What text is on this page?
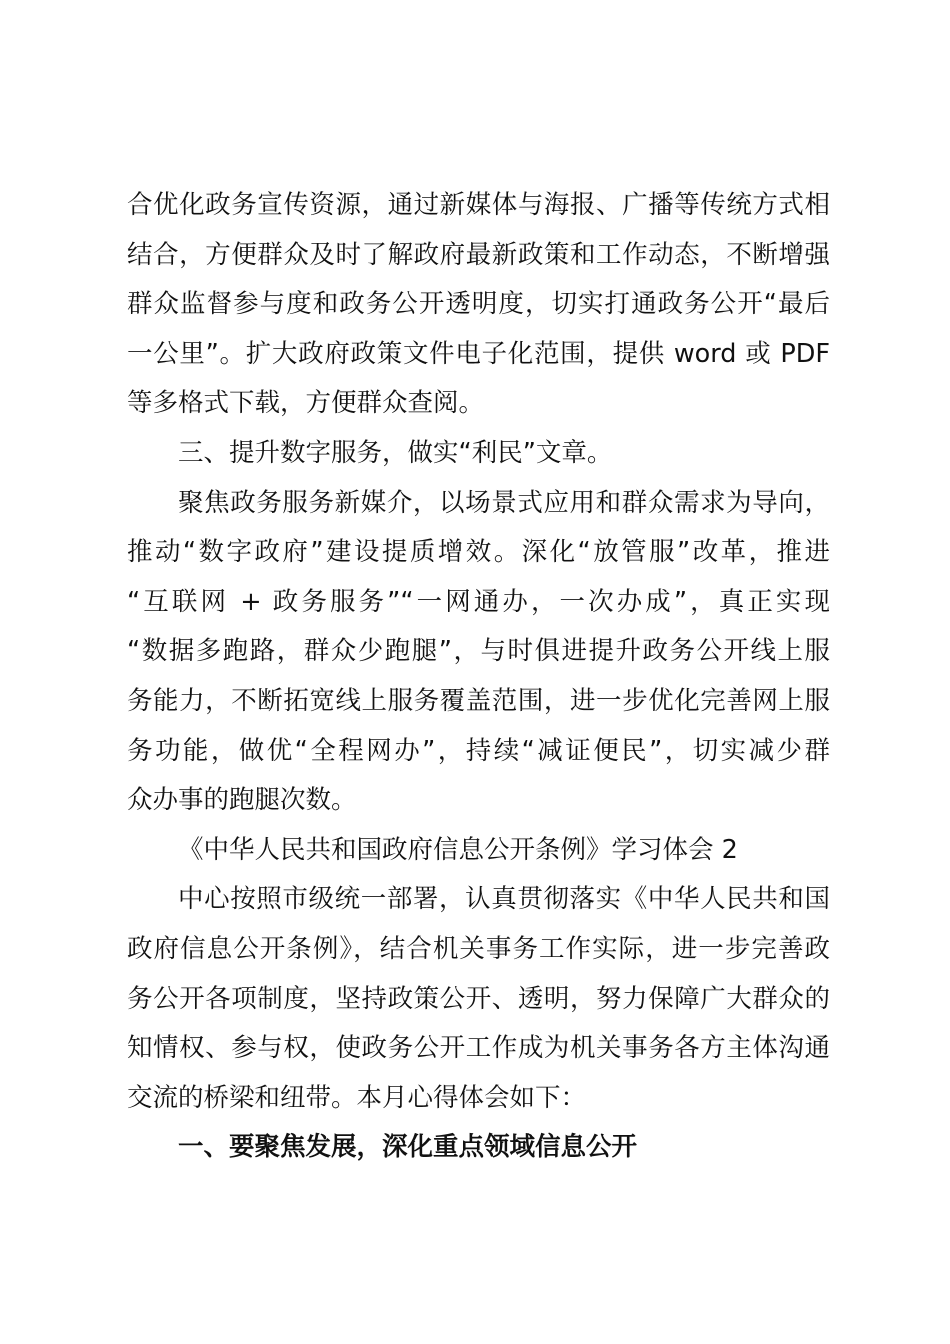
合优化政务宣传资源，通过新媒体与海报、广播等传统方式相
结合，方便群众及时了解政府最新政策和工作动态，不断增强
群众监督参与度和政务公开透明度，切实打通政务公开“最后
一公里”。扩大政府政策文件电子化范围，提供 word 或 PDF
等多格式下载，方便群众查阅。

三、提升数字服务，做实“利民”文章。

聚焦政务服务新媒介，以场景式应用和群众需求为导向，
推动“数字政府”建设提质增效。深化“放管服”改革，推进
“互联网 + 政务服务”“一网通办，一次办成”，真正实现
“数据多跑路，群众少跑腿”，与时俱进提升政务公开线上服
务能力，不断拓宽线上服务覆盖范围，进一步优化完善网上服
务功能，做优“全程网办”，持续“减证便民”，切实减少群
众办事的跑腿次数。

《中华人民共和国政府信息公开条例》学习体会 2

中心按照市级统一部署，认真贯彻落实《中华人民共和国
政府信息公开条例》，结合机关事务工作实际，进一步完善政
务公开各项制度，坚持政策公开、透明，努力保障广大群众的
知情权、参与权，使政务公开工作成为机关事务各方主体沟通
交流的桥梁和纽带。本月心得体会如下：

一、要聚焦发展，深化重点领域信息公开
